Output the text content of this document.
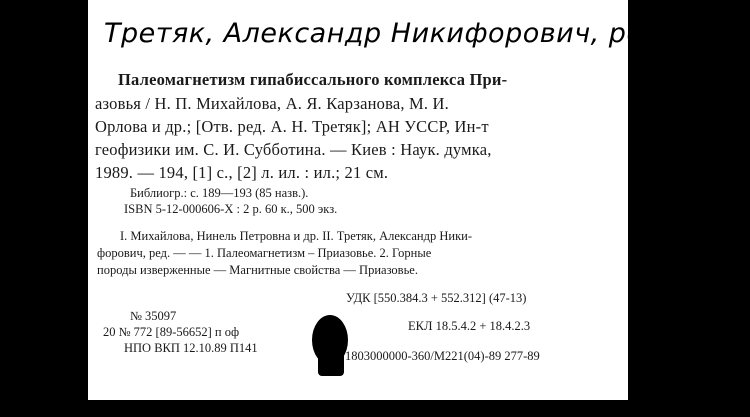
Третяк, Александр Никифорович, ред.
89-3
9094
Палеомагнетизм гипабиссального комплекса При-
азовья / Н. П. Михайлова, А. Я. Карзанова, М. И.
Орлова и др.; [Отв. ред. А. Н. Третяк]; АН УССР, Ин-т
геофизики им. С. И. Субботина. — Киев : Наук. думка,
1989. — 194, [1] с., [2] л. ил. : ил.; 21 см.
Библиогр.: с. 189—193 (85 назв.).
ISBN 5-12-000606-X : 2 р. 60 к., 500 экз.
I. Михайлова, Нинель Петровна и др. II. Третяк, Александр Ники-
форович, ред. — — 1. Палеомагнетизм – Приазовье. 2. Горные
породы изверженные — Магнитные свойства — Приазовье.
УДК [550.384.3 + 552.312] (47-13)
№ 35097
20 № 772 [89-56652] п оф	ЕКЛ 18.5.4.2 + 18.4.2.3
НПО ВКП 12.10.89 П141
1803000000-360/М221(04)-89 277-89
